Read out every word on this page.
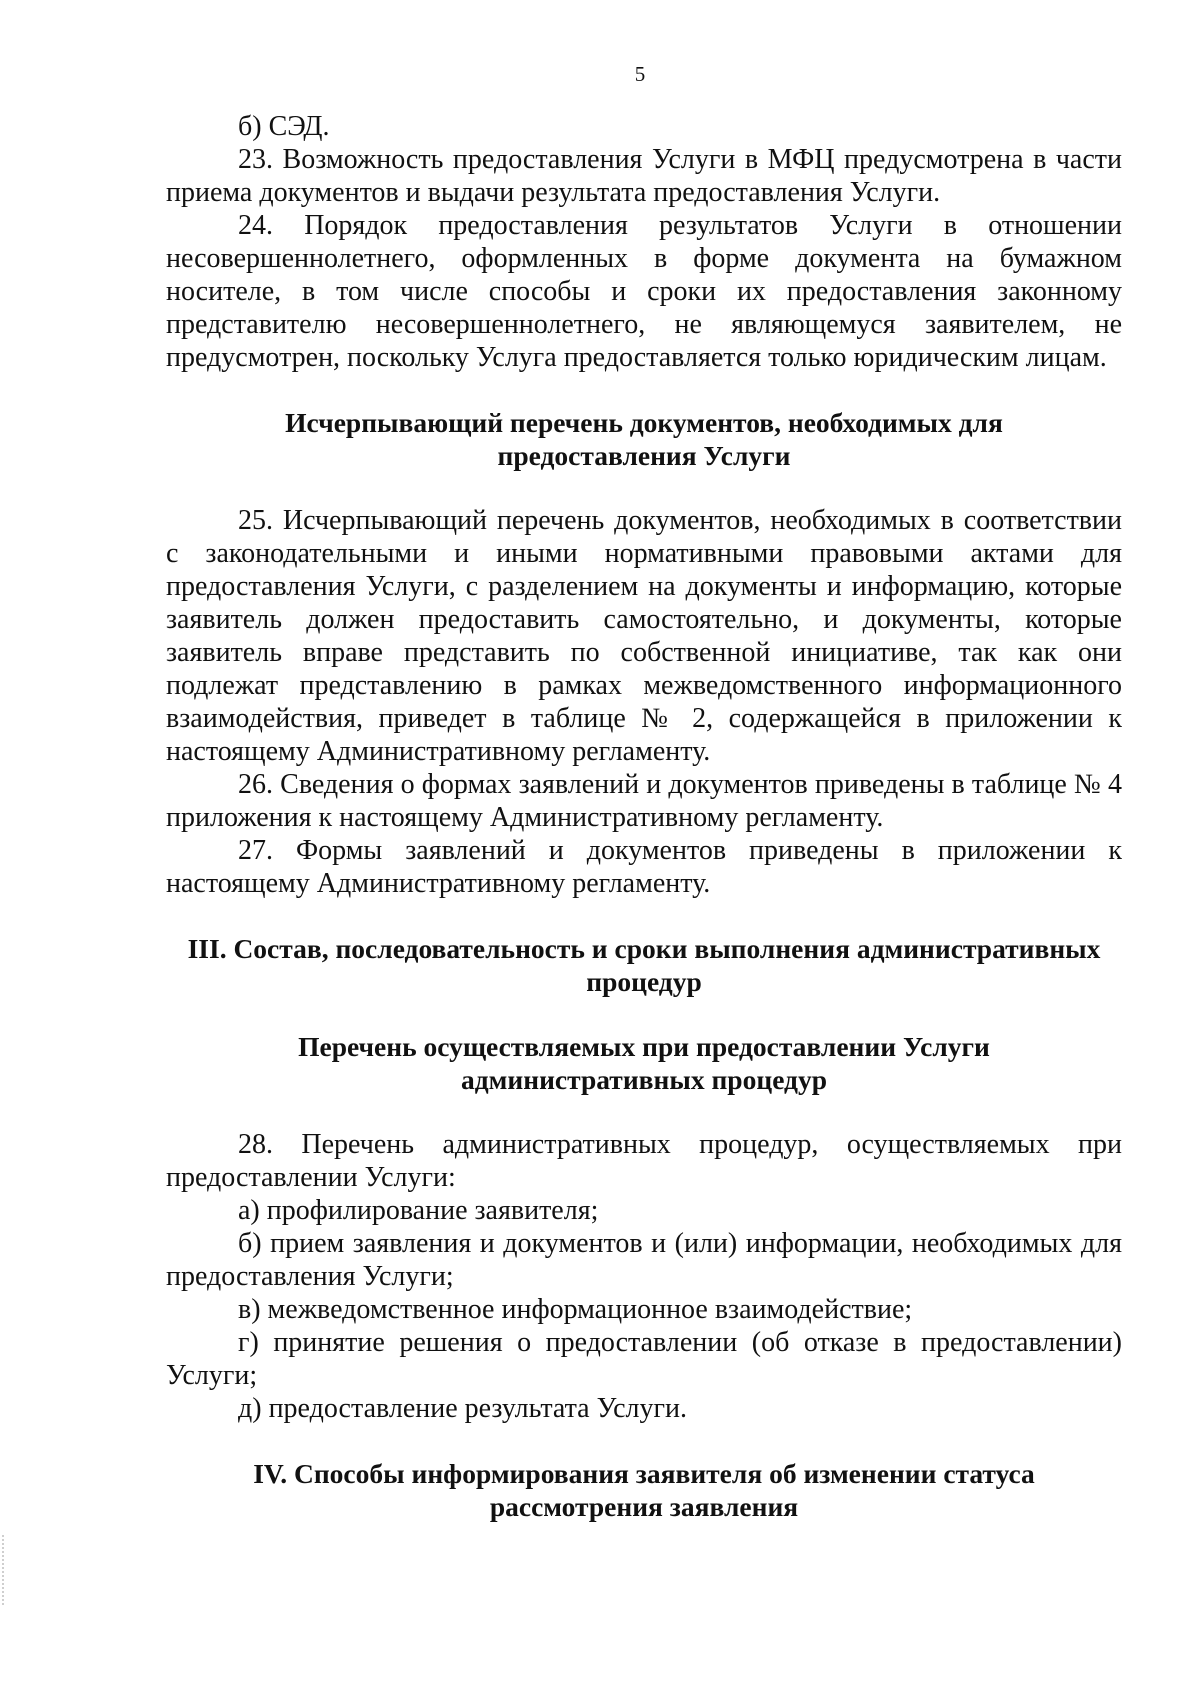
5

б) СЭД.

23. Возможность предоставления Услуги в МФЦ предусмотрена в части приема документов и выдачи результата предоставления Услуги.

24. Порядок предоставления результатов Услуги в отношении несовершеннолетнего, оформленных в форме документа на бумажном носителе, в том числе способы и сроки их предоставления законному представителю несовершеннолетнего, не являющемуся заявителем, не предусмотрен, поскольку Услуга предоставляется только юридическим лицам.

Исчерпывающий перечень документов, необходимых для
предоставления Услуги

25. Исчерпывающий перечень документов, необходимых в соответствии с законодательными и иными нормативными правовыми актами для предоставления Услуги, с разделением на документы и информацию, которые заявитель должен предоставить самостоятельно, и документы, которые заявитель вправе представить по собственной инициативе, так как они подлежат представлению в рамках межведомственного информационного взаимодействия, приведет в таблице № 2, содержащейся в приложении к настоящему Административному регламенту.

26. Сведения о формах заявлений и документов приведены в таблице № 4 приложения к настоящему Административному регламенту.

27. Формы заявлений и документов приведены в приложении к настоящему Административному регламенту.

III. Состав, последовательность и сроки выполнения административных
процедур
Перечень осуществляемых при предоставлении Услуги
административных процедур

28. Перечень административных процедур, осуществляемых при предоставлении Услуги:

а) профилирование заявителя;

б) прием заявления и документов и (или) информации, необходимых для предоставления Услуги;

в) межведомственное информационное взаимодействие;

г) принятие решения о предоставлении (об отказе в предоставлении) Услуги;

д) предоставление результата Услуги.

IV. Способы информирования заявителя об изменении статуса
рассмотрения заявления
